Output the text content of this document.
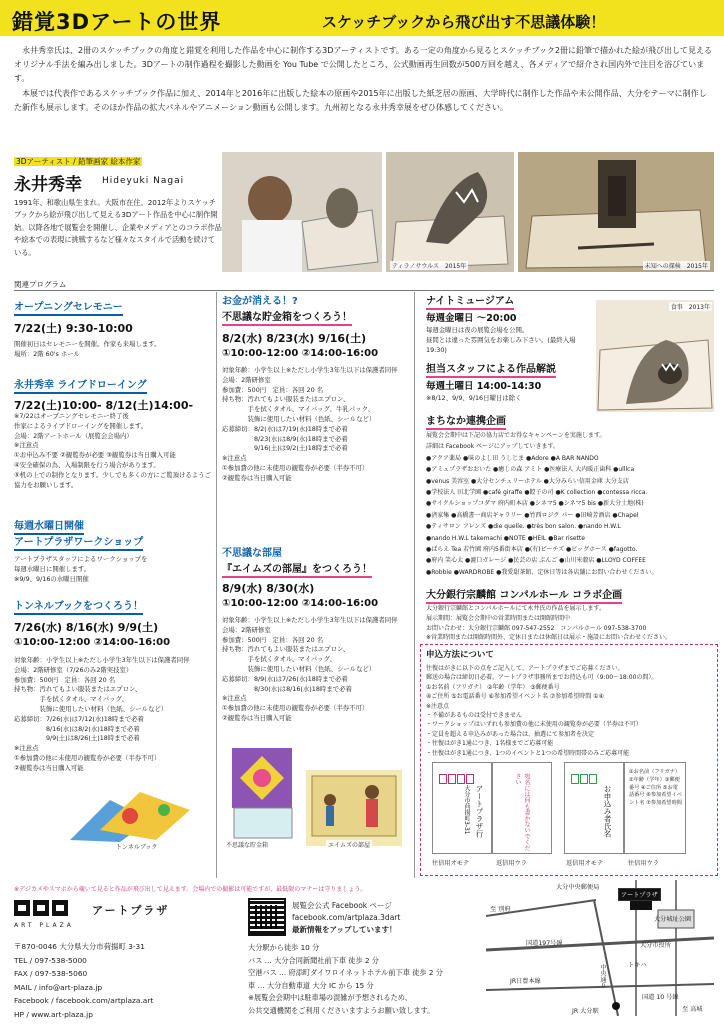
錯覚3Dアートの世界	スケッチブックから飛び出す不思議体験！

永井秀幸氏は、2冊のスケッチブックの角度と錯覚を利用した作品を中心に制作する3Dアーティストです。ある一定の角度から見るとスケッチブック2冊に鉛筆で描かれた絵が飛び出して見えるオリジナル手法を編み出しました。3Dアートの制作過程を撮影した動画を You Tube で公開したところ、公式動画再生回数が500万回を越え、各メディアで紹介され国内外で注目を浴びています。

本展では代表作であるスケッチブック作品に加え、2014年と2016年に出版した絵本の原画や2015年に出版した紙芝居の原画、大学時代に制作した作品や未公開作品、大分をテーマに制作した新作も展示します。そのほか作品の拡大パネルやアニメーション動画も公開します。九州初となる永井秀幸展をぜひ体感してください。

3Dアーティスト / 鉛筆画家 絵本作家
永井秀幸 Hideyuki Nagai
1991年、和歌山県生まれ。大阪市在住。2012年よりスケッチブックから絵が飛び出して見える3Dアート作品を中心に制作開始。以降各地で展覧会を開催し、企業やメディアとのコラボ作品や絵本での表現に挑戦するなど様々なスタイルで活動を続けている。
ティラノサウルス　2015年	未知への探検　2015年
関連プログラム
オープニングセレモニー
7/22(土) 9:30-10:00
開催初日はセレモニーを開催。作家も来場します。
場所：2階 60's ホール
永井秀幸 ライブドローイング
7/22(土)10:00- 8/12(土)14:00-
※7/22はオープニングセレモニー終了後
作家によるライブドローイングを開催します。
会場：2階アートホール（展覧会会場内）
※注意点
①お申込み不要 ②観覧券が必要 ③観覧券は当日購入可能
④安全確保の為、入場制限を行う場合があります。
⑤机の上での制作となります。少しでも多くの方にご覧頂けるようご協力をお願いします。
毎週水曜日開催
アートプラザワークショップ
アートプラザスタッフによるワークショップを
毎週水曜日に開催します。
※9/9、9/16の水曜日開催
トンネルブックをつくろう！
7/26(水) 8/16(水) 9/9(土)
①10:00-12:00 ②14:00-16:00
対象年齢：小学生以上※ただし小学生3年生以下は保護者同伴
会場：2階研修室（7/26のみ2階実技室）
参加費：500円　定員：各回 20 名
持ち物：汚れてもよい服装またはエプロン、
　　　　手を拭くタオル、マイバッグ、
　　　　装飾に使用したい材料（色紙、シールなど）
応募締切：7/26(水)は7/12(水)18時まで必着
　　　　　8/16(水)は8/2(水)18時まで必着
　　　　　9/9(土)は8/26(土)18時まで必着
※注意点
①参加費の他に未使用の観覧券が必要（半券不可）
②観覧券は当日購入可能
トンネルブック	不思議な貯金箱	エイムズの部屋
お金が消える！?
不思議な貯金箱をつくろう！
8/2(水) 8/23(水) 9/16(土)
①10:00-12:00 ②14:00-16:00
対象年齢：小学生以上※ただし小学生3年生以下は保護者同伴
会場：2階研修室
参加費：500円　定員：各回 20 名
持ち物：汚れてもよい服装またはエプロン、
　　　　手を拭くタオル、マイバッグ、牛乳パック、
　　　　装飾に使用したい材料（色紙、シールなど）
応募締切：8/2(水)は7/19(水)18時まで必着
　　　　　8/23(水)は8/9(水)18時まで必着
　　　　　9/16(土)は9/2(土)18時まで必着
※注意点
①参加費の他に未使用の観覧券が必要（半券不可）
②観覧券は当日購入可能
不思議な部屋
『エイムズの部屋』をつくろう！
8/9(水) 8/30(水)
①10:00-12:00 ②14:00-16:00
対象年齢：小学生以上※ただし小学生3年生以下は保護者同伴
会場：2階研修室
参加費：500円　定員：各回 20 名
持ち物：汚れてもよい服装またはエプロン、
　　　　手を拭くタオル、マイバッグ、
　　　　装飾に使用したい材料（色紙、シールなど）
応募締切：8/9(水)は7/26(水)18時まで必着
　　　　　8/30(水)は8/16(水)18時まで必着
※注意点
①参加費の他に未使用の観覧券が必要（半券不可）
②観覧券は当日購入可能
ナイトミュージアム
毎週金曜日 ～20:00
毎週金曜日は夜の展覧会場を公開。
昼間とは違った雰囲気をお楽しみ下さい。(最終入場19:30)
食事　2013年
担当スタッフによる作品解説
毎週土曜日 14:00-14:30
※8/12、9/9、9/16日曜日は除く
まちなか連携企画
展覧会会期中は下記の協力店でお得なキャンペーンを実施します。
詳細は Facebook ページにアップしていきます。
●アクア薬局 ●味のよし田 うしじま ●Adore ●A BAR NANDO
●アミュプラザおおいた ●癒しの森 アミト ●医療法人 大内暖正歯科 ●ulllca
●venus 美容室 ●大分センチュリーホテル ●大分みらい信用金庫 大分支店
●学校法人 田北学園 ●café giraffe ●餃子の司 ●K collection ●contessa ricca.
●サイクルショップコダマ 府内町本店 ●シネマ5 ●シネマ5 bis ●新大分土地(株)
●済家集 ●高橋書一商店ギャラリー ●竹西ロジク パー ●田崎芳酒店 ●Chapel
●ティサロン フレンズ ●die quelle. ●très bon salon. ●nando H.W.L
●nando H.W.L takemachi ●NOTE ●HEIL ●Bar risette
●ぱらえ Tea 若竹園 府内5番街本店 ●(有)ピーチズ ●ビッグホース ●fagotto.
●府内 笑心太 ●漉口ガレージ ●民芸の店 ぷんご ●山川米穀店 ●LLOYD COFFEE
●Robbie ●WARDROBE ●我愛甜茶館、定休日等は各店舗にお問い合わせください。
大分銀行宗麟館 コンパルホール コラボ企画
大分銀行宗麟館とコンパルホールにて永井氏の作品を展示します。
展示期間：展覧会会期中の営業時間または開館時間中
お問い合わせ：大分銀行宗麟館 097-547-2552　コンパルホール 097-538-3700
※営業時間または開館時間外、定休日または休館日は展示・施設にお問い合わせください。
申込方法について
往復はがきに以下の点をご記入して、アートプラザまでご応募ください。
郵送の場合は締切日必着。アートプラザ事務所までお持込も可（9:00～18:00の間）。
①お名前（フリガナ） ②年齢（学年） ③郵便番号
④ご住所 ⑤お電話番号 ⑥参加希望イベント名 ⑦参加希望時間 ①④
※注意点
・不備があるものは受付できません
・ワークショップはいずれも参加費の他に未使用の観覧券が必要（半券は不可）
・定員を超える申込みがあった場合は、抽選にて参加者を決定
・往復はがき1通につき、1名様までご応募可能
・往復はがき1通につき、1つのイベントと1つの希望時間帯のみご応募可能
アートプラザ行
大分市荷揚町3-31	宛名には何も書かないでください
お申込み者氏名
①お名前（フリガナ）②年齢（学年）③郵便番号 ④ご住所 ⑤お電話番号 ⑥参加希望イベント名 ⑦参加希望時間
往信用オモテ	返信用ウラ	返信用オモテ	往信用ウラ
※デジカメやスマホから覗いて見ると作品が飛び出して見えます。会場内での撮影は可能ですが、最低限のマナーは守りましょう。
アートプラザ
ART PLAZA
〒870-0046 大分県大分市荷揚町 3-31
TEL / 097-538-5000
FAX / 097-538-5060
MAIL / info@art-plaza.jp
Facebook / facebook.com/artplaza.art
HP / www.art-plaza.jp
展覧会公式 Facebook ページ
facebook.com/artplaza.3dart
最新情報をアップしています！
大分駅から徒歩 10 分
バス … 大分合同新聞社前下車 徒歩 2 分
空港バス … 府添町ダイワロイネットホテル前下車 徒歩 2 分
車 … 大分自動車道 大分 IC から 15 分
※展覧会会期中は駐車場の混雑が予想されるため、
公共交通機関をご利用くださいますようお願い致します。
アートプラザ
大分中央郵便局
国道197号線
大分城址公園
大分市役所
トキハ
中央通り
JR日豊本線
至 別府
至 高城
国道 10 号線
JR 大分駅
